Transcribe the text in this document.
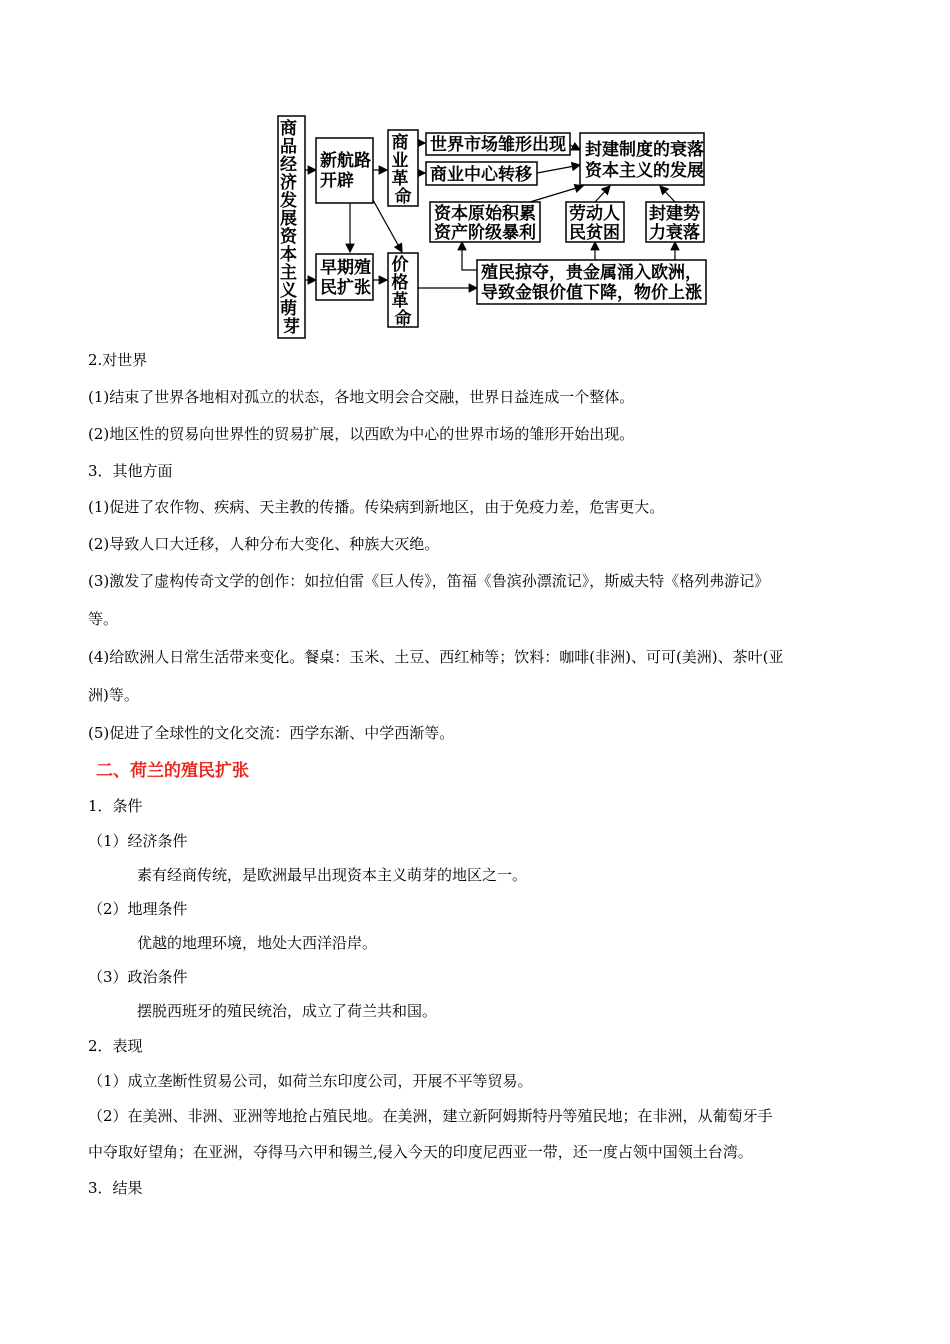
商 品 经 济 发 展 资 本 主 义 萌 芽
新航路 开辟
早期殖 民扩张
商 业 革 命
价 格 革 命
世界市场雏形出现
商业中心转移
封建制度的衰落 资本主义的发展
资本原始积累 资产阶级暴利
劳动人 民贫困
封建势 力衰落
殖民掠夺，贵金属涌入欧洲， 导致金银价值下降，物价上涨
2.对世界
(1)结束了世界各地相对孤立的状态，各地文明会合交融，世界日益连成一个整体。
(2)地区性的贸易向世界性的贸易扩展，以西欧为中心的世界市场的雏形开始出现。
3．其他方面
(1)促进了农作物、疾病、天主教的传播。传染病到新地区，由于免疫力差，危害更大。
(2)导致人口大迁移，人种分布大变化、种族大灭绝。
(3)激发了虚构传奇文学的创作：如拉伯雷《巨人传》，笛福《鲁滨孙漂流记》，斯威夫特《格列弗游记》
等。
(4)给欧洲人日常生活带来变化。餐桌：玉米、土豆、西红柿等；饮料：咖啡(非洲)、可可(美洲)、茶叶(亚
洲)等。
(5)促进了全球性的文化交流：西学东渐、中学西渐等。
二、荷兰的殖民扩张
1．条件
（1）经济条件
素有经商传统，是欧洲最早出现资本主义萌芽的地区之一。
（2）地理条件
优越的地理环境，地处大西洋沿岸。
（3）政治条件
摆脱西班牙的殖民统治，成立了荷兰共和国。
2．表现
（1）成立垄断性贸易公司，如荷兰东印度公司，开展不平等贸易。
（2）在美洲、非洲、亚洲等地抢占殖民地。在美洲，建立新阿姆斯特丹等殖民地；在非洲，从葡萄牙手
中夺取好望角；在亚洲，夺得马六甲和锡兰,侵入今天的印度尼西亚一带，还一度占领中国领土台湾。
3．结果
